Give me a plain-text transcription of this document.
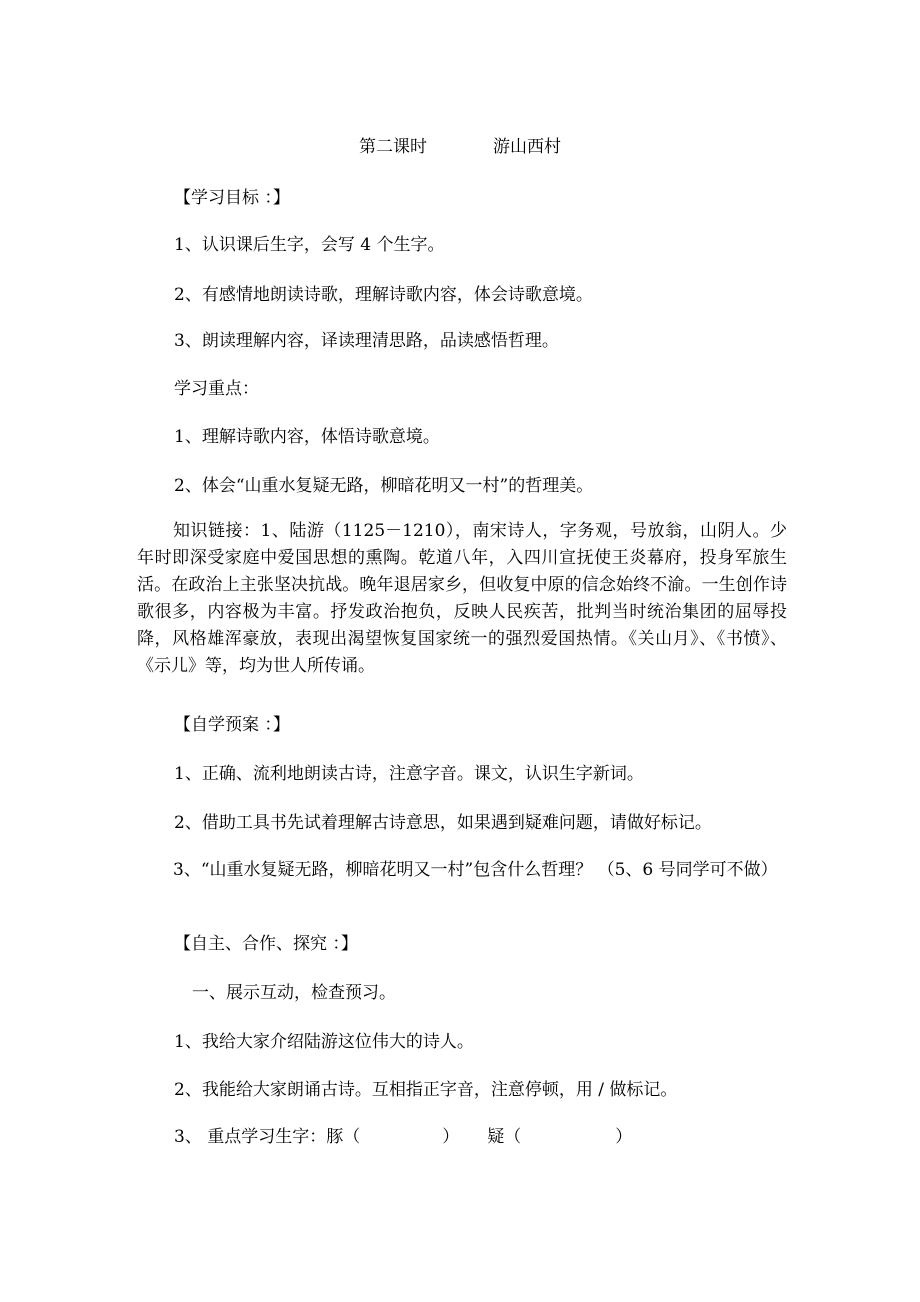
第二课时	游山西村
【学习目标 ：】
1、认识课后生字，会写 4 个生字。
2、有感情地朗读诗歌，理解诗歌内容，体会诗歌意境。
3、朗读理解内容，译读理清思路，品读感悟哲理。
学习重点：
1、理解诗歌内容，体悟诗歌意境。
2、体会“山重水复疑无路，柳暗花明又一村”的哲理美。
知识链接：1、陆游（1125－1210），南宋诗人，字务观，号放翁，山阴人。少年时即深受家庭中爱国思想的熏陶。乾道八年，入四川宣抚使王炎幕府，投身军旅生活。在政治上主张坚决抗战。晚年退居家乡，但收复中原的信念始终不渝。一生创作诗歌很多，内容极为丰富。抒发政治抱负，反映人民疾苦，批判当时统治集团的屈辱投降，风格雄浑豪放，表现出渴望恢复国家统一的强烈爱国热情。《关山月》、《书愤》、《示儿》等，均为世人所传诵。
【自学预案 ：】
1、正确、流利地朗读古诗，注意字音。课文，认识生字新词。
2、借助工具书先试着理解古诗意思，如果遇到疑难问题，请做好标记。
3、“山重水复疑无路，柳暗花明又一村”包含什么哲理？ （5、6 号同学可不做）
【自主、合作、探究 ：】
一、展示互动，检查预习。
1、我给大家介绍陆游这位伟大的诗人。
2、我能给大家朗诵古诗。互相指正字音，注意停顿，用 / 做标记。
3、 重点学习生字：豚（	） 疑（	）
